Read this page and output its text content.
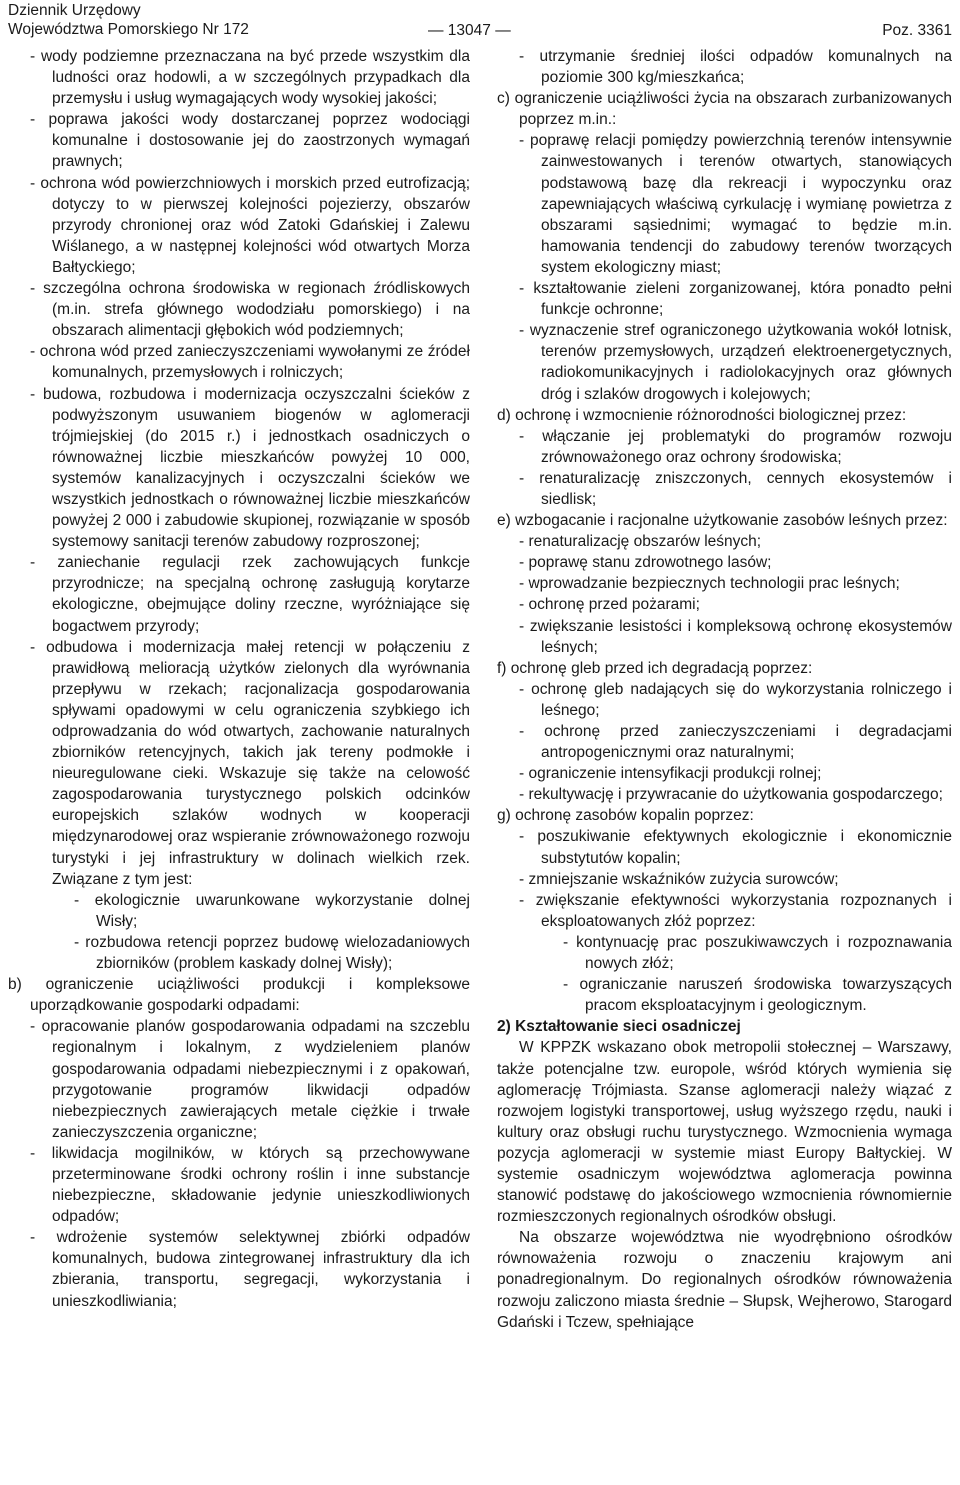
Dziennik Urzędowy
Województwa Pomorskiego Nr 172	— 13047 —	Poz. 3361

- wody podziemne przeznaczana na być przede wszystkim dla ludności oraz hodowli, a w szczególnych przypadkach dla przemysłu i usług wymagających wody wysokiej jakości;

- poprawa jakości wody dostarczanej poprzez wodociągi komunalne i dostosowanie jej do zaostrzonych wymagań prawnych;

- ochrona wód powierzchniowych i morskich przed eutrofizacją; dotyczy to w pierwszej kolejności pojezierzy, obszarów przyrody chronionej oraz wód Zatoki Gdańskiej i Zalewu Wiślanego, a w następnej kolejności wód otwartych Morza Bałtyckiego;

- szczególna ochrona środowiska w regionach źródliskowych (m.in. strefa głównego wododziału pomorskiego) i na obszarach alimentacji głębokich wód podziemnych;

- ochrona wód przed zanieczyszczeniami wywołanymi ze źródeł komunalnych, przemysłowych i rolniczych;

- budowa, rozbudowa i modernizacja oczyszczalni ścieków z podwyższonym usuwaniem biogenów w aglomeracji trójmiejskiej (do 2015 r.) i jednostkach osadniczych o równoważnej liczbie mieszkańców powyżej 10 000, systemów kanalizacyjnych i oczyszczalni ścieków we wszystkich jednostkach o równoważnej liczbie mieszkańców powyżej 2 000 i zabudowie skupionej, rozwiązanie w sposób systemowy sanitacji terenów zabudowy rozproszonej;

- zaniechanie regulacji rzek zachowujących funkcje przyrodnicze; na specjalną ochronę zasługują korytarze ekologiczne, obejmujące doliny rzeczne, wyróżniające się bogactwem przyrody;

- odbudowa i modernizacja małej retencji w połączeniu z prawidłową melioracją użytków zielonych dla wyrównania przepływu w rzekach; racjonalizacja gospodarowania spływami opadowymi w celu ograniczenia szybkiego ich odprowadzania do wód otwartych, zachowanie naturalnych zbiorników retencyjnych, takich jak tereny podmokłe i nieuregulowane cieki. Wskazuje się także na celowość zagospodarowania turystycznego polskich odcinków europejskich szlaków wodnych w kooperacji międzynarodowej oraz wspieranie zrównoważonego rozwoju turystyki i jej infrastruktury w dolinach wielkich rzek. Związane z tym jest:

- ekologicznie uwarunkowane wykorzystanie dolnej Wisły;

- rozbudowa retencji poprzez budowę wielozadaniowych zbiorników (problem kaskady dolnej Wisły);

b) ograniczenie uciążliwości produkcji i kompleksowe uporządkowanie gospodarki odpadami:

- opracowanie planów gospodarowania odpadami na szczeblu regionalnym i lokalnym, z wydzieleniem planów gospodarowania odpadami niebezpiecznymi i z opakowań, przygotowanie programów likwidacji odpadów niebezpiecznych zawierających metale ciężkie i trwałe zanieczyszczenia organiczne;

- likwidacja mogilników, w których są przechowywane przeterminowane środki ochrony roślin i inne substancje niebezpieczne, składowanie jedynie unieszkodliwionych odpadów;

- wdrożenie systemów selektywnej zbiórki odpadów komunalnych, budowa zintegrowanej infrastruktury dla ich zbierania, transportu, segregacji, wykorzystania i unieszkodliwiania;

- utrzymanie średniej ilości odpadów komunalnych na poziomie 300 kg/mieszkańca;

c) ograniczenie uciążliwości życia na obszarach zurbanizowanych poprzez m.in.:

- poprawę relacji pomiędzy powierzchnią terenów intensywnie zainwestowanych i terenów otwartych, stanowiących podstawową bazę dla rekreacji i wypoczynku oraz zapewniających właściwą cyrkulację i wymianę powietrza z obszarami sąsiednimi; wymagać to będzie m.in. hamowania tendencji do zabudowy terenów tworzących system ekologiczny miast;

- kształtowanie zieleni zorganizowanej, która ponadto pełni funkcje ochronne;

- wyznaczenie stref ograniczonego użytkowania wokół lotnisk, terenów przemysłowych, urządzeń elektroenergetycznych, radiokomunikacyjnych i radiolokacyjnych oraz głównych dróg i szlaków drogowych i kolejowych;

d) ochronę i wzmocnienie różnorodności biologicznej przez:

- włączanie jej problematyki do programów rozwoju zrównoważonego oraz ochrony środowiska;

- renaturalizację zniszczonych, cennych ekosystemów i siedlisk;

e) wzbogacanie i racjonalne użytkowanie zasobów leśnych przez:

- renaturalizację obszarów leśnych;

- poprawę stanu zdrowotnego lasów;

- wprowadzanie bezpiecznych technologii prac leśnych;

- ochronę przed pożarami;

- zwiększanie lesistości i kompleksową ochronę ekosystemów leśnych;

f) ochronę gleb przed ich degradacją poprzez:

- ochronę gleb nadających się do wykorzystania rolniczego i leśnego;

- ochronę przed zanieczyszczeniami i degradacjami antropogenicznymi oraz naturalnymi;

- ograniczenie intensyfikacji produkcji rolnej;

- rekultywację i przywracanie do użytkowania gospodarczego;

g) ochronę zasobów kopalin poprzez:

- poszukiwanie efektywnych ekologicznie i ekonomicznie substytutów kopalin;

- zmniejszanie wskaźników zużycia surowców;

- zwiększanie efektywności wykorzystania rozpoznanych i eksploatowanych złóż poprzez:

- kontynuację prac poszukiwawczych i rozpoznawania nowych złóż;

- ograniczanie naruszeń środowiska towarzyszących pracom eksploatacyjnym i geologicznym.

2) Kształtowanie sieci osadniczej

W KPPZK wskazano obok metropolii stołecznej – Warszawy, także potencjalne tzw. europole, wśród których wymienia się aglomerację Trójmiasta. Szanse aglomeracji należy wiązać z rozwojem logistyki transportowej, usług wyższego rzędu, nauki i kultury oraz obsługi ruchu turystycznego. Wzmocnienia wymaga pozycja aglomeracji w systemie miast Europy Bałtyckiej. W systemie osadniczym województwa aglomeracja powinna stanowić podstawę do jakościowego wzmocnienia równomiernie rozmieszczonych regionalnych ośrodków obsługi.

Na obszarze województwa nie wyodrębniono ośrodków równoważenia rozwoju o znaczeniu krajowym ani ponadregionalnym. Do regionalnych ośrodków równoważenia rozwoju zaliczono miasta średnie – Słupsk, Wejherowo, Starogard Gdański i Tczew, spełniające
